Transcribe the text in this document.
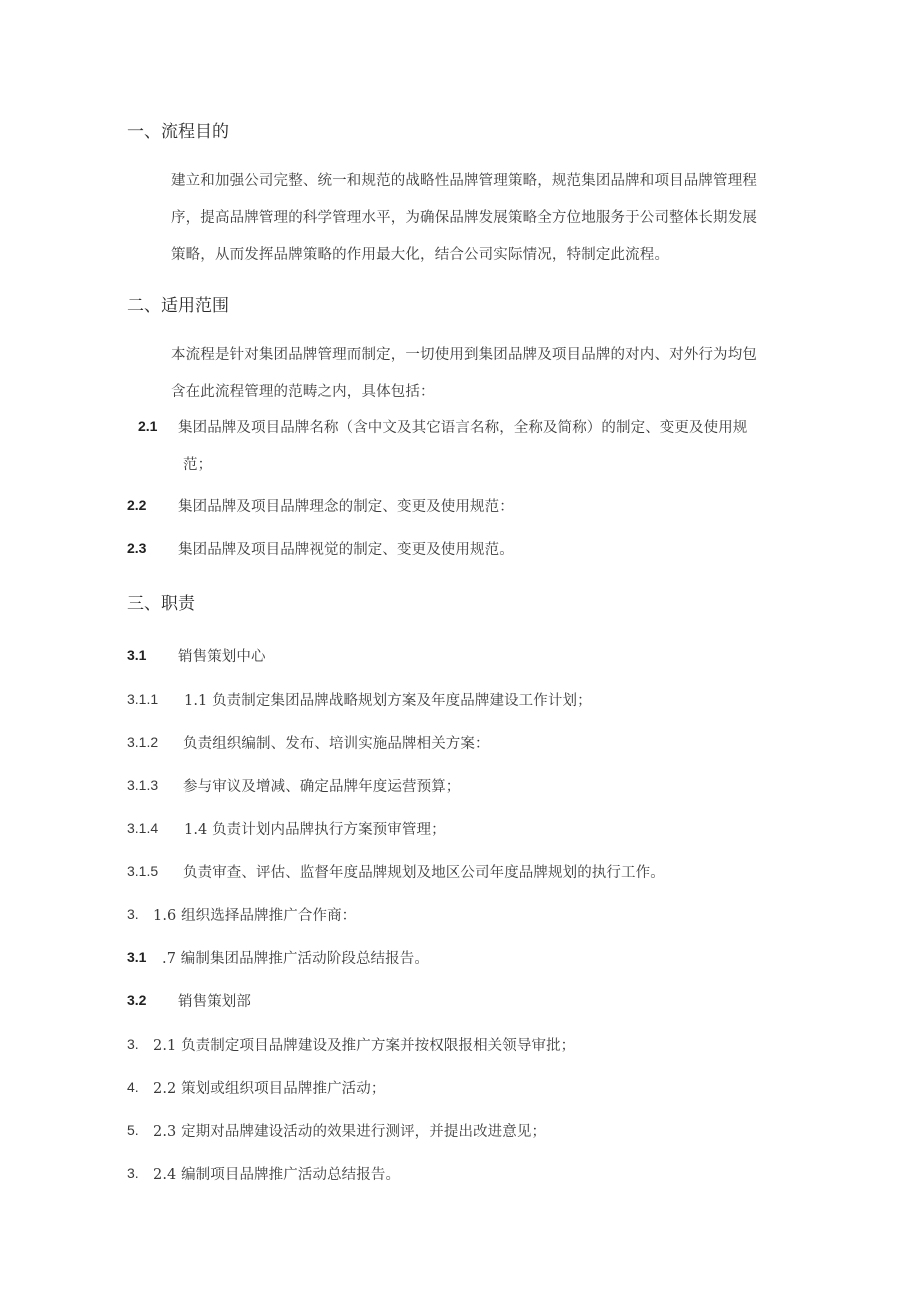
一、流程目的
建立和加强公司完整、统一和规范的战略性品牌管理策略，规范集团品牌和项目品牌管理程
序，提高品牌管理的科学管理水平，为确保品牌发展策略全方位地服务于公司整体长期发展
策略，从而发挥品牌策略的作用最大化，结合公司实际情况，特制定此流程。
二、适用范围
本流程是针对集团品牌管理而制定，一切使用到集团品牌及项目品牌的对内、对外行为均包
含在此流程管理的范畴之内，具体包括：
2.1 集团品牌及项目品牌名称（含中文及其它语言名称，全称及简称）的制定、变更及使用规
范；
2.2 集团品牌及项目品牌理念的制定、变更及使用规范：
2.3 集团品牌及项目品牌视觉的制定、变更及使用规范。
三、职责
3.1 销售策划中心
3.1.1 1.1 负责制定集团品牌战略规划方案及年度品牌建设工作计划；
3.1.2 负责组织编制、发布、培训实施品牌相关方案：
3.1.3 参与审议及增减、确定品牌年度运营预算；
3.1.4 1.4 负责计划内品牌执行方案预审管理；
3.1.5 负责审查、评估、监督年度品牌规划及地区公司年度品牌规划的执行工作。
3. 1.6 组织选择品牌推广合作商：
3.1 .7 编制集团品牌推广活动阶段总结报告。
3.2 销售策划部
3. 2.1 负责制定项目品牌建设及推广方案并按权限报相关领导审批；
4. 2.2 策划或组织项目品牌推广活动；
5. 2.3 定期对品牌建设活动的效果进行测评，并提出改进意见；
3. 2.4 编制项目品牌推广活动总结报告。
